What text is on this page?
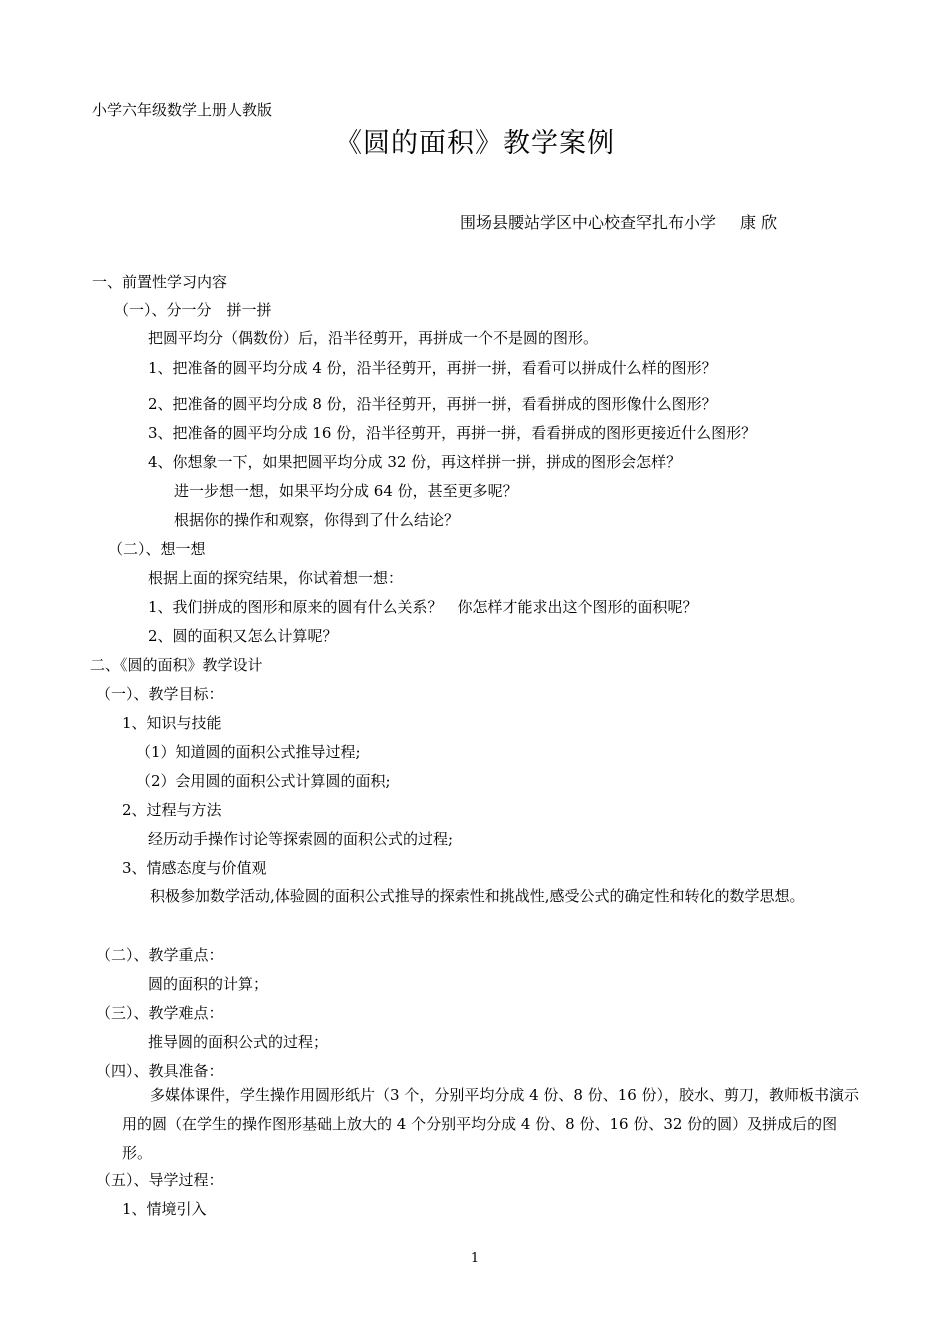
小学六年级数学上册人教版
《圆的面积》教学案例
围场县腰站学区中心校查罕扎布小学 康 欣
一、前置性学习内容
（一）、分一分　拼一拼
把圆平均分（偶数份）后，沿半径剪开，再拼成一个不是圆的图形。
1、把准备的圆平均分成 4 份，沿半径剪开，再拼一拼，看看可以拼成什么样的图形？
2、把准备的圆平均分成 8 份，沿半径剪开，再拼一拼，看看拼成的图形像什么图形？
3、把准备的圆平均分成 16 份，沿半径剪开，再拼一拼，看看拼成的图形更接近什么图形？
4、你想象一下，如果把圆平均分成 32 份，再这样拼一拼，拼成的图形会怎样？
进一步想一想，如果平均分成 64 份，甚至更多呢？
根据你的操作和观察，你得到了什么结论？
（二）、想一想
根据上面的探究结果，你试着想一想：
1、我们拼成的图形和原来的圆有什么关系？　你怎样才能求出这个图形的面积呢？
2、圆的面积又怎么计算呢？
二、《圆的面积》教学设计
（一）、教学目标：
1、知识与技能
（1）知道圆的面积公式推导过程;
（2）会用圆的面积公式计算圆的面积;
2、过程与方法
经历动手操作讨论等探索圆的面积公式的过程;
3、情感态度与价值观
积极参加数学活动,体验圆的面积公式推导的探索性和挑战性,感受公式的确定性和转化的数学思想。
（二）、教学重点：
圆的面积的计算；
（三）、教学难点：
推导圆的面积公式的过程；
（四）、教具准备：
多媒体课件，学生操作用圆形纸片（3 个，分别平均分成 4 份、8 份、16 份），胶水、剪刀，教师板书演示用的圆（在学生的操作图形基础上放大的 4 个分别平均分成 4 份、8 份、16 份、32 份的圆）及拼成后的图形。
（五）、导学过程：
1、情境引入
1
